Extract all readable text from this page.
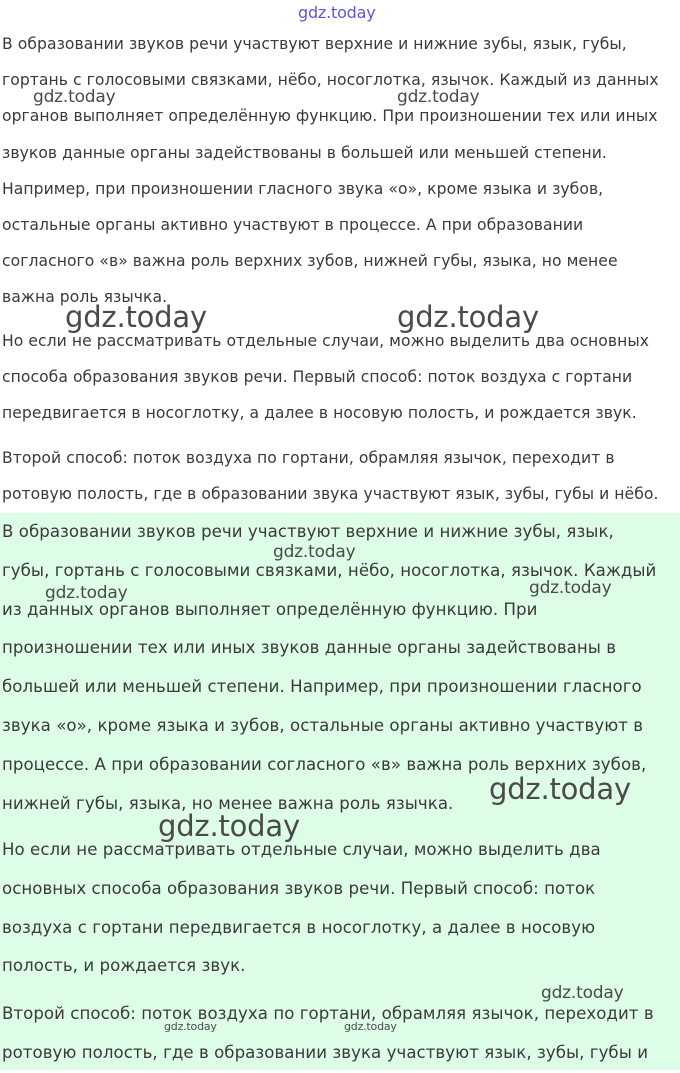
В образовании звуков речи участвуют верхние и нижние зубы, язык, губы,
гортань с голосовыми связками, нёбо, носоглотка, язычок. Каждый из данных
органов выполняет определённую функцию. При произношении тех или иных
звуков данные органы задействованы в большей или меньшей степени.
Например, при произношении гласного звука «о», кроме языка и зубов,
остальные органы активно участвуют в процессе. А при образовании
согласного «в» важна роль верхних зубов, нижней губы, языка, но менее
важна роль язычка.

Но если не рассматривать отдельные случаи, можно выделить два основных
способа образования звуков речи. Первый способ: поток воздуха с гортани
передвигается в носоглотку, а далее в носовую полость, и рождается звук.

Второй способ: поток воздуха по гортани, обрамляя язычок, переходит в
ротовую полость, где в образовании звука участвуют язык, зубы, губы и нёбо.

В образовании звуков речи участвуют верхние и нижние зубы, язык,
губы, гортань с голосовыми связками, нёбо, носоглотка, язычок. Каждый
из данных органов выполняет определённую функцию. При
произношении тех или иных звуков данные органы задействованы в
большей или меньшей степени. Например, при произношении гласного
звука «о», кроме языка и зубов, остальные органы активно участвуют в
процессе. А при образовании согласного «в» важна роль верхних зубов,
нижней губы, языка, но менее важна роль язычка.

Но если не рассматривать отдельные случаи, можно выделить два
основных способа образования звуков речи. Первый способ: поток
воздуха с гортани передвигается в носоглотку, а далее в носовую
полость, и рождается звук.

Второй способ: поток воздуха по гортани, обрамляя язычок, переходит в
ротовую полость, где в образовании звука участвуют язык, зубы, губы и

gdz.today
gdz.today	gdz.today
gdz.today	gdz.today
gdz.today
gdz.today	gdz.today
gdz.today
gdz.today
gdz.today
gdz.today	gdz.today
